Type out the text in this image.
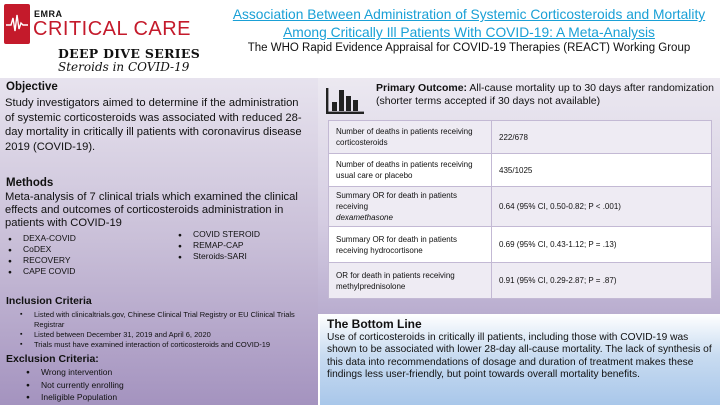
EMRA
CRITICAL CARE
DEEP DIVE SERIES
Steroids in COVID-19
Association Between Administration of Systemic Corticosteroids and Mortality
Among Critically Ill Patients With COVID-19: A Meta-Analysis
The WHO Rapid Evidence Appraisal for COVID-19 Therapies (REACT) Working Group
Objective
Study investigators aimed to determine if the administration of systemic corticosteroids was associated with reduced 28-day mortality in critically ill patients with coronavirus disease 2019 (COVID-19).
Methods
Meta-analysis of 7 clinical trials which examined the clinical effects and outcomes of corticosteroids administration in patients with COVID-19
● DEXA-COVID
● CoDEX
● RECOVERY
● CAPE COVID
● COVID STEROID
● REMAP-CAP
● Steroids-SARI
Inclusion Criteria
▪ Listed with clinicaltrials.gov, Chinese Clinical Trial Registry or EU Clinical Trials Registrar
▪ Listed between December 31, 2019 and April 6, 2020
▪ Trials must have examined interaction of corticosteroids and COVID-19
Exclusion Criteria:
● Wrong intervention
● Not currently enrolling
● Ineligible Population
Primary Outcome: All-cause mortality up to 30 days after randomization (shorter terms accepted if 30 days not available)
Number of deaths in patients receiving corticosteroids	222/678
Number of deaths in patients receiving usual care or placebo	435/1025
Summary OR for death in patients receiving
dexamethasone	0.64 (95% CI, 0.50-0.82; P < .001)
Summary OR for death in patients receiving hydrocortisone	0.69 (95% CI, 0.43-1.12; P = .13)
OR for death in patients receiving methylprednisolone	0.91 (95% CI, 0.29-2.87; P = .87)
The Bottom Line
Use of corticosteroids in critically ill patients, including those with COVID-19 was shown to be associated with lower 28-day all-cause mortality. The lack of synthesis of this data into recommendations of dosage and duration of treatment makes these findings less user-friendly, but point towards overall mortality benefits.
